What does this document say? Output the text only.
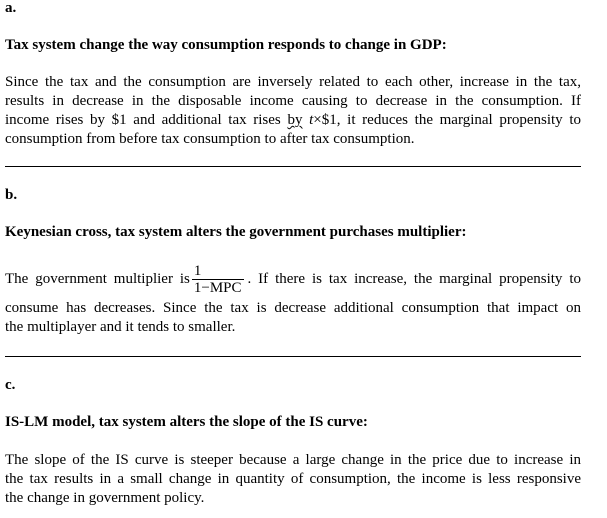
a.
Tax system change the way consumption responds to change in GDP:
Since the tax and the consumption are inversely related to each other, increase in the tax,
results in decrease in the disposable income causing to decrease in the consumption. If
income rises by $1 and additional tax rises by t×$1, it reduces the marginal propensity to
consumption from before tax consumption to after tax consumption.
b.
Keynesian cross, tax system alters the government purchases multiplier:
The government multiplier is $\frac{1}{\text{1−MPC}}$ . If there is tax increase, the marginal propensity to
consume has decreases. Since the tax is decrease additional consumption that impact on
the multiplayer and it tends to smaller.
c.
IS-LM model, tax system alters the slope of the IS curve:
The slope of the IS curve is steeper because a large change in the price due to increase in
the tax results in a small change in quantity of consumption, the income is less responsive
the change in government policy.
